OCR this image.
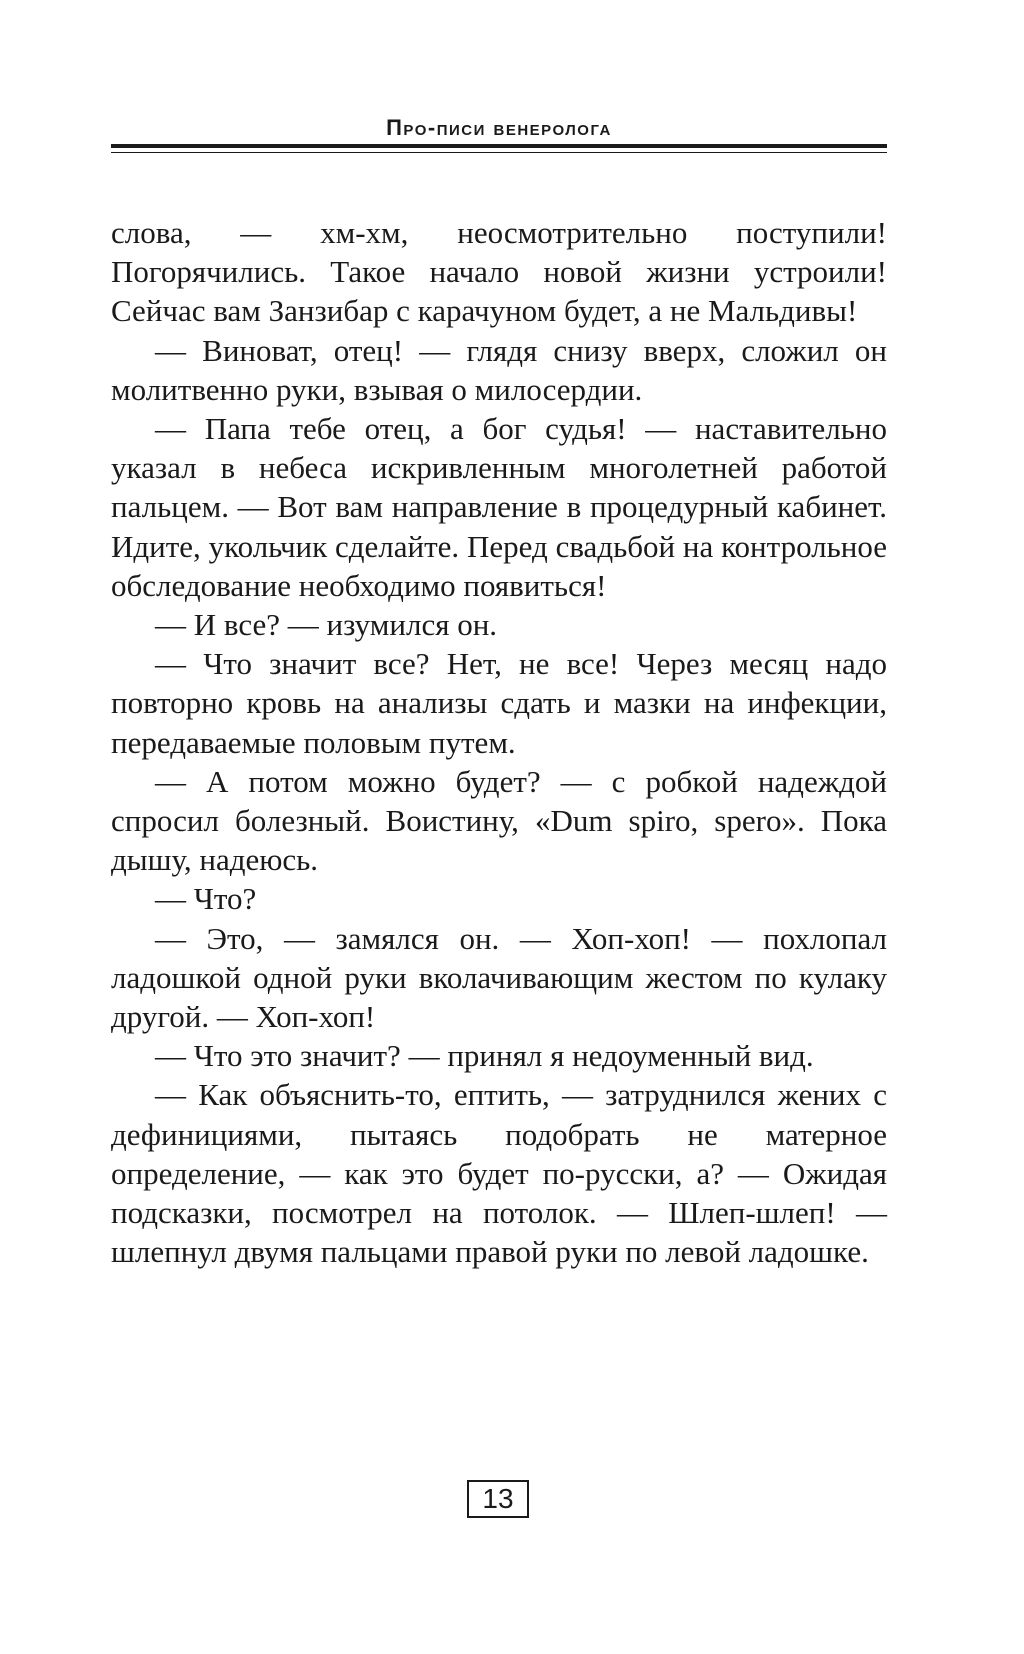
Про-писи венеролога

слова, — хм-хм, неосмотрительно поступили! Погорячились. Такое начало новой жизни устроили! Сейчас вам Занзибар с карачуном будет, а не Мальдивы!

— Виноват, отец! — глядя снизу вверх, сложил он молитвенно руки, взывая о милосердии.

— Папа тебе отец, а бог судья! — наставительно указал в небеса искривленным многолетней работой пальцем. — Вот вам направление в процедурный кабинет. Идите, укольчик сделайте. Перед свадьбой на контрольное обследование необходимо появиться!

— И все? — изумился он.

— Что значит все? Нет, не все! Через месяц надо повторно кровь на анализы сдать и мазки на инфекции, передаваемые половым путем.

— А потом можно будет? — с робкой надеждой спросил болезный. Воистину, «Dum spiro, spero». Пока дышу, надеюсь.

— Что?

— Это, — замялся он. — Хоп-хоп! — похлопал ладошкой одной руки вколачивающим жестом по кулаку другой. — Хоп-хоп!

— Что это значит? — принял я недоуменный вид.

— Как объяснить-то, ептить, — затруднился жених с дефинициями, пытаясь подобрать не матерное определение, — как это будет по-русски, а? — Ожидая подсказки, посмотрел на потолок. — Шлеп-шлеп! — шлепнул двумя пальцами правой руки по левой ладошке.

13
